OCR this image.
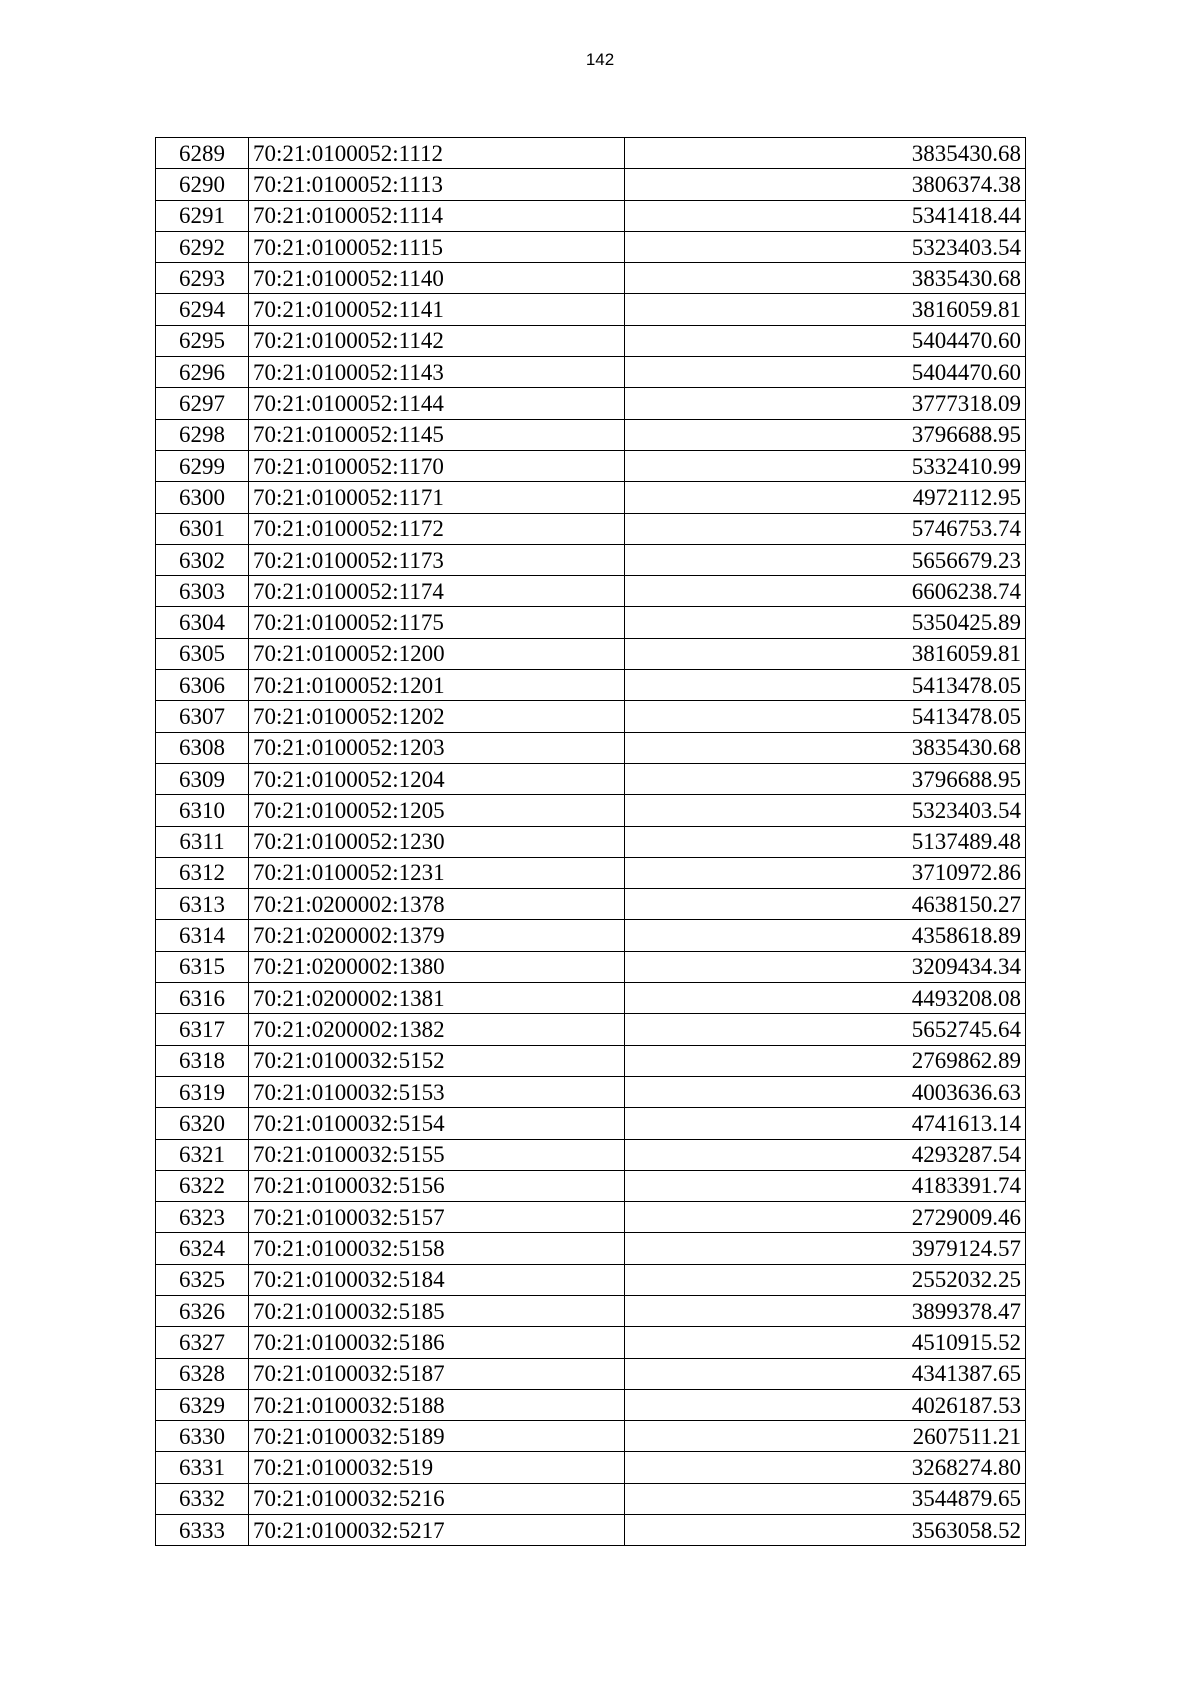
142
6289	70:21:0100052:1112	3835430.68
6290	70:21:0100052:1113	3806374.38
6291	70:21:0100052:1114	5341418.44
6292	70:21:0100052:1115	5323403.54
6293	70:21:0100052:1140	3835430.68
6294	70:21:0100052:1141	3816059.81
6295	70:21:0100052:1142	5404470.60
6296	70:21:0100052:1143	5404470.60
6297	70:21:0100052:1144	3777318.09
6298	70:21:0100052:1145	3796688.95
6299	70:21:0100052:1170	5332410.99
6300	70:21:0100052:1171	4972112.95
6301	70:21:0100052:1172	5746753.74
6302	70:21:0100052:1173	5656679.23
6303	70:21:0100052:1174	6606238.74
6304	70:21:0100052:1175	5350425.89
6305	70:21:0100052:1200	3816059.81
6306	70:21:0100052:1201	5413478.05
6307	70:21:0100052:1202	5413478.05
6308	70:21:0100052:1203	3835430.68
6309	70:21:0100052:1204	3796688.95
6310	70:21:0100052:1205	5323403.54
6311	70:21:0100052:1230	5137489.48
6312	70:21:0100052:1231	3710972.86
6313	70:21:0200002:1378	4638150.27
6314	70:21:0200002:1379	4358618.89
6315	70:21:0200002:1380	3209434.34
6316	70:21:0200002:1381	4493208.08
6317	70:21:0200002:1382	5652745.64
6318	70:21:0100032:5152	2769862.89
6319	70:21:0100032:5153	4003636.63
6320	70:21:0100032:5154	4741613.14
6321	70:21:0100032:5155	4293287.54
6322	70:21:0100032:5156	4183391.74
6323	70:21:0100032:5157	2729009.46
6324	70:21:0100032:5158	3979124.57
6325	70:21:0100032:5184	2552032.25
6326	70:21:0100032:5185	3899378.47
6327	70:21:0100032:5186	4510915.52
6328	70:21:0100032:5187	4341387.65
6329	70:21:0100032:5188	4026187.53
6330	70:21:0100032:5189	2607511.21
6331	70:21:0100032:519	3268274.80
6332	70:21:0100032:5216	3544879.65
6333	70:21:0100032:5217	3563058.52
